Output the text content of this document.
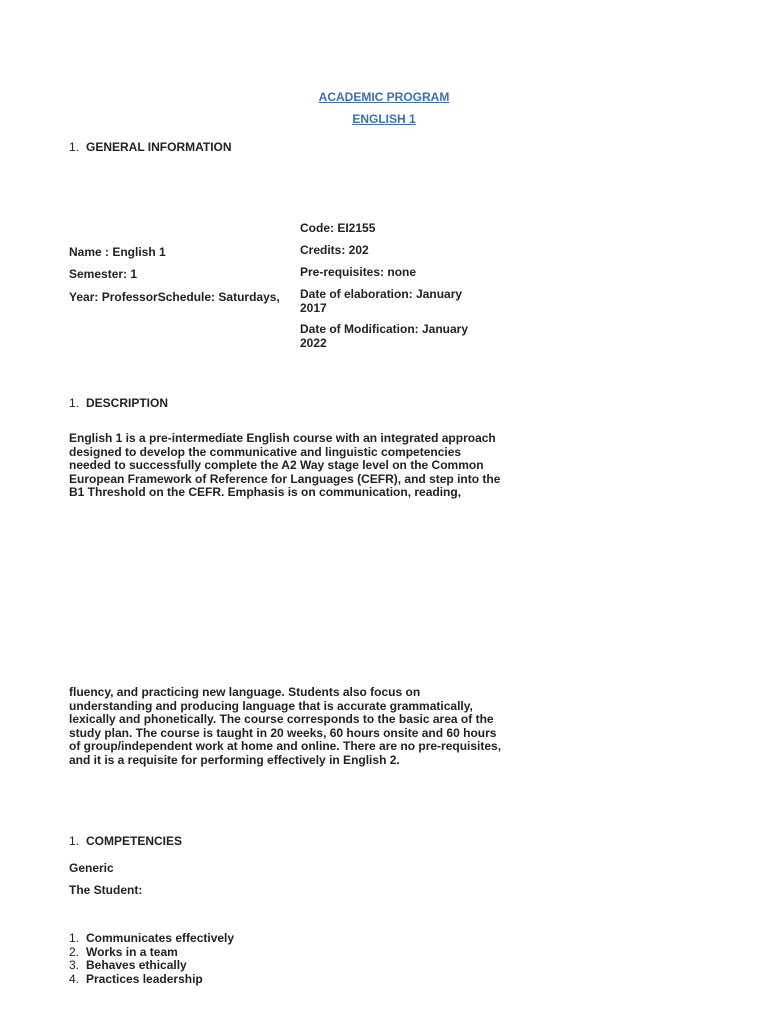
ACADEMIC PROGRAM
ENGLISH 1
1. GENERAL INFORMATION
Code: EI2155
Name : English 1	Credits: 202
Semester: 1	Pre-requisites: none
Year: ProfessorSchedule: Saturdays, Date of elaboration: January
2017
Date of Modification: January
2022
1. DESCRIPTION
English 1 is a pre-intermediate English course with an integrated approach
designed to develop the communicative and linguistic competencies
needed to successfully complete the A2 Way stage level on the Common
European Framework of Reference for Languages (CEFR), and step into the
B1 Threshold on the CEFR. Emphasis is on communication, reading,
fluency, and practicing new language. Students also focus on
understanding and producing language that is accurate grammatically,
lexically and phonetically. The course corresponds to the basic area of the
study plan. The course is taught in 20 weeks, 60 hours onsite and 60 hours
of group/independent work at home and online. There are no pre-requisites,
and it is a requisite for performing effectively in English 2.
1. COMPETENCIES
Generic
The Student:
1. Communicates effectively
2. Works in a team
3. Behaves ethically
4. Practices leadership
